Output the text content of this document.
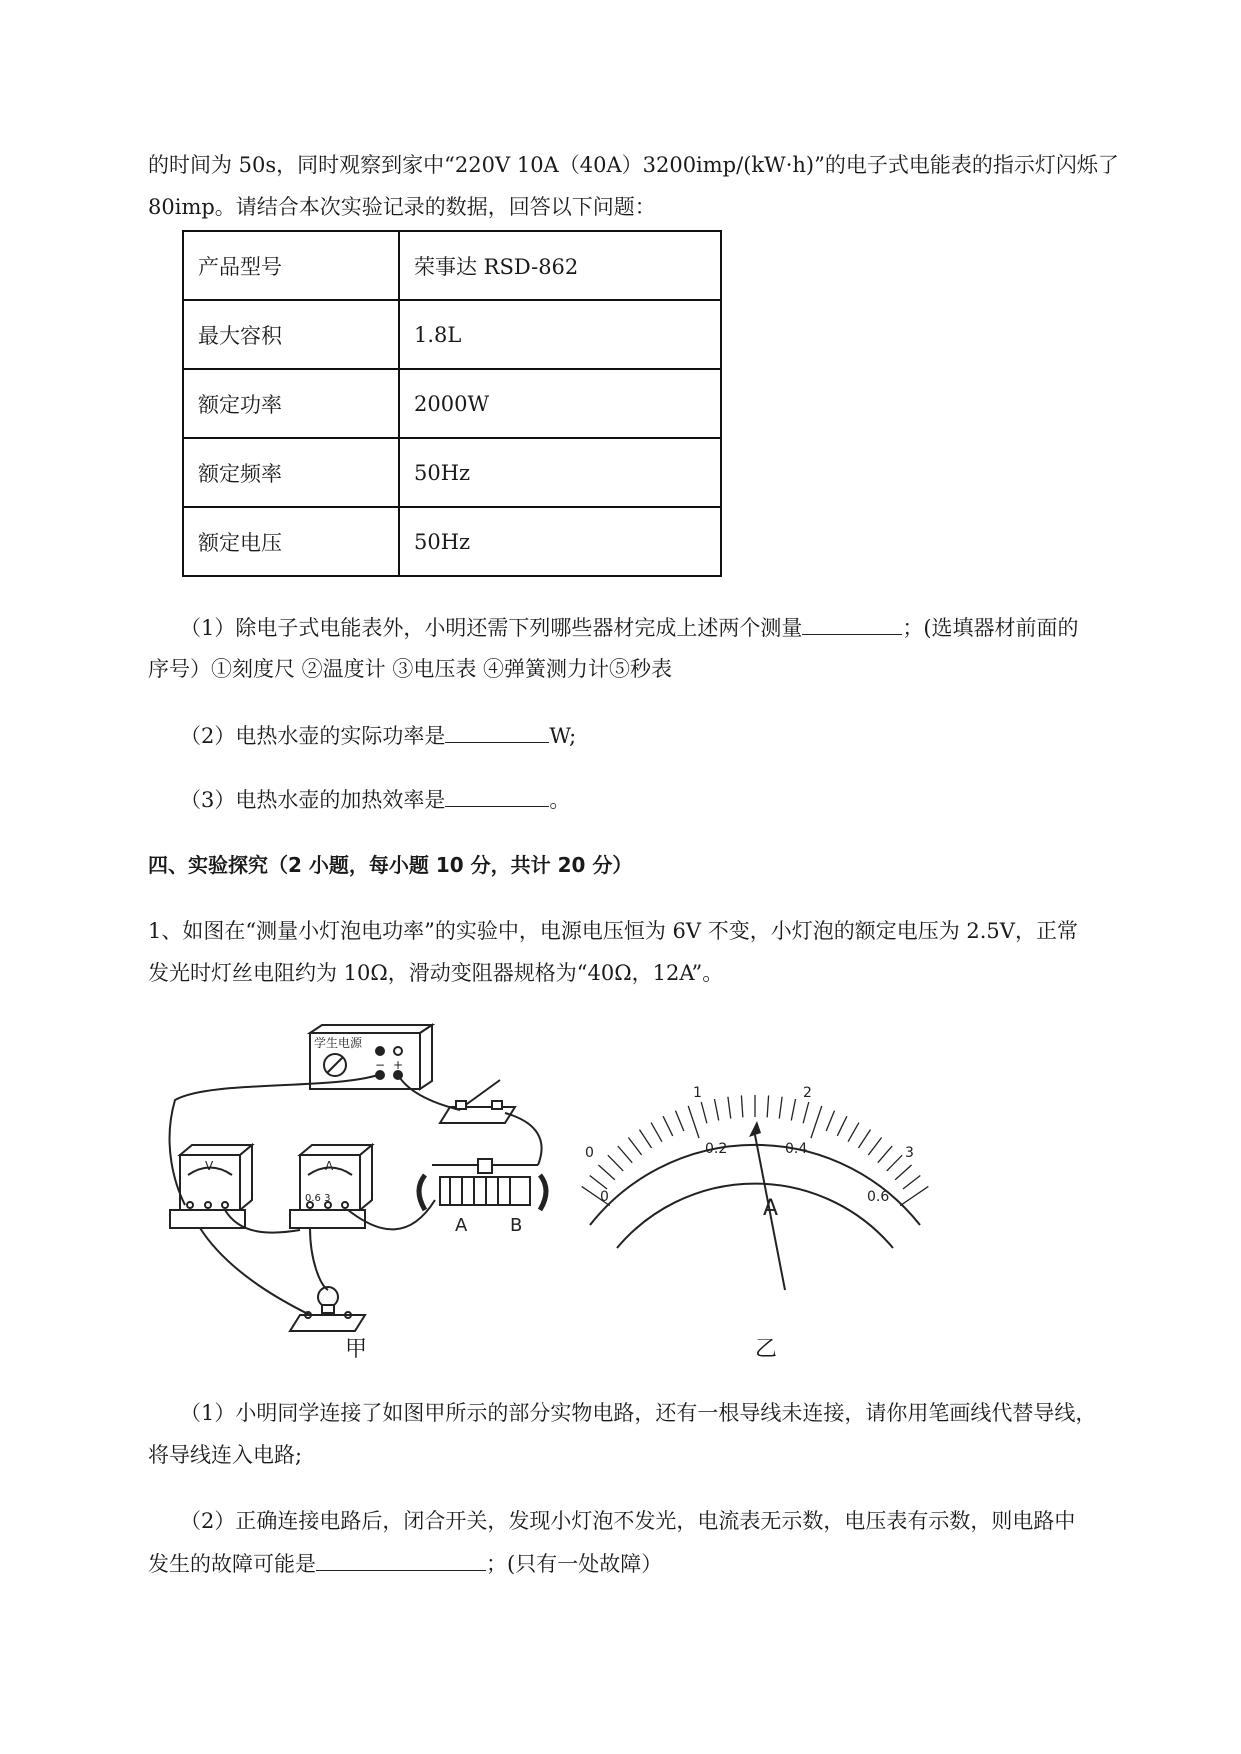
的时间为 50s，同时观察到家中“220V 10A（40A）3200imp/(kW·h)”的电子式电能表的指示灯闪烁了
80imp。请结合本次实验记录的数据，回答以下问题：
产品型号	荣事达 RSD-862
最大容积	1.8L
额定功率	2000W
额定频率	50Hz
额定电压	50Hz
（1）除电子式电能表外，小明还需下列哪些器材完成上述两个测量	；(选填器材前面的
序号）①刻度尺 ②温度计 ③电压表 ④弹簧测力计⑤秒表
（2）电热水壶的实际功率是	W;
（3）电热水壶的加热效率是	。
四、实验探究（2 小题，每小题 10 分，共计 20 分）
1、如图在“测量小灯泡电功率”的实验中，电源电压恒为 6V 不变，小灯泡的额定电压为 2.5V，正常
发光时灯丝电阻约为 10Ω，滑动变阻器规格为“40Ω，12A”。
学生电源
− +
V	A
0.6 3
A B
0
1	2
3
0
0.2	0.4
0.6
A
甲	乙
（1）小明同学连接了如图甲所示的部分实物电路，还有一根导线未连接，请你用笔画线代替导线，
将导线连入电路;
（2）正确连接电路后，闭合开关，发现小灯泡不发光，电流表无示数，电压表有示数，则电路中
发生的故障可能是	；(只有一处故障）
